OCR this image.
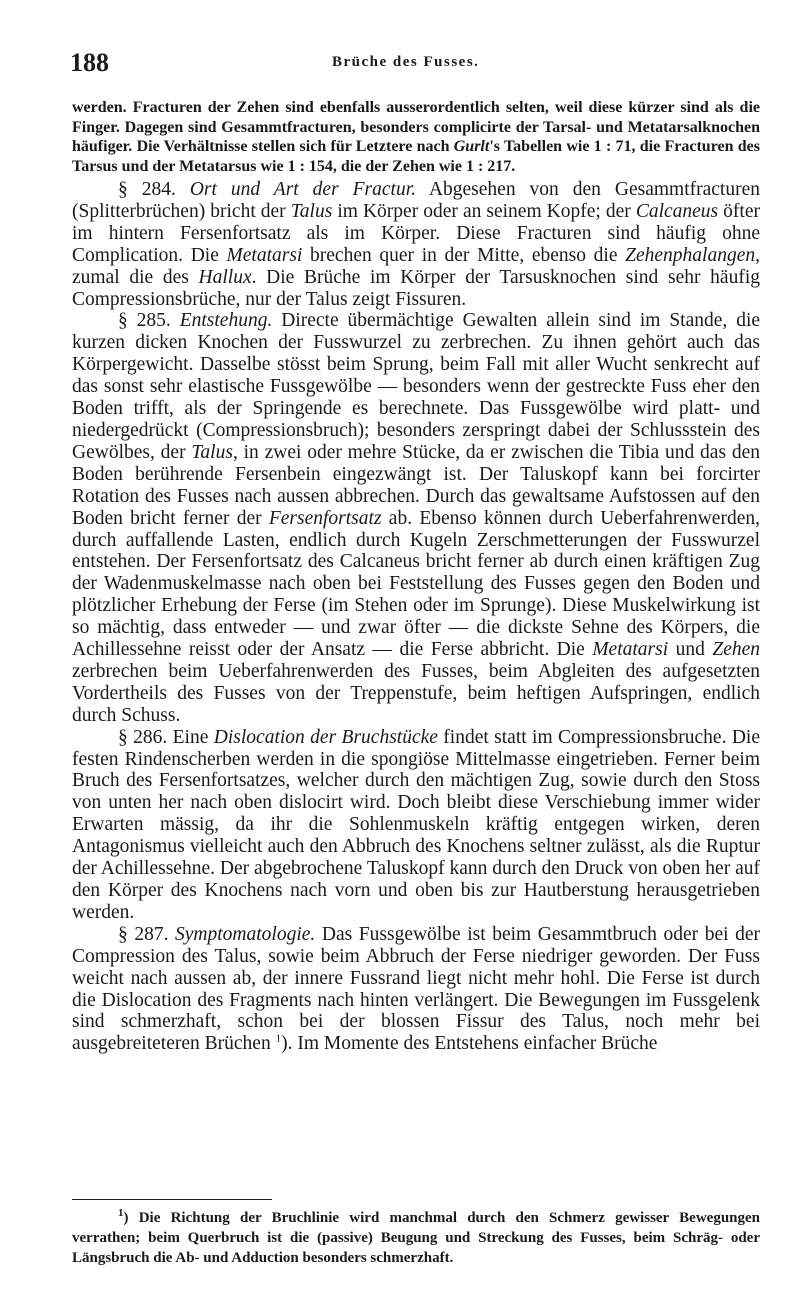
188	Brüche des Fusses.

werden. Fracturen der Zehen sind ebenfalls ausserordentlich selten, weil diese kürzer sind als die Finger. Dagegen sind Gesammtfracturen, besonders complicirte der Tarsal- und Metatarsalknochen häufiger. Die Verhältnisse stellen sich für Letztere nach Gurlt's Tabellen wie 1 : 71, die Fracturen des Tarsus und der Metatarsus wie 1 : 154, die der Zehen wie 1 : 217.

§ 284. Ort und Art der Fractur. Abgesehen von den Gesammtfracturen (Splitterbrüchen) bricht der Talus im Körper oder an seinem Kopfe; der Calcaneus öfter im hintern Fersenfortsatz als im Körper. Diese Fracturen sind häufig ohne Complication. Die Metatarsi brechen quer in der Mitte, ebenso die Zehenphalangen, zumal die des Hallux. Die Brüche im Körper der Tarsusknochen sind sehr häufig Compressionsbrüche, nur der Talus zeigt Fissuren.

§ 285. Entstehung. Directe übermächtige Gewalten allein sind im Stande, die kurzen dicken Knochen der Fusswurzel zu zerbrechen. Zu ihnen gehört auch das Körpergewicht. Dasselbe stösst beim Sprung, beim Fall mit aller Wucht senkrecht auf das sonst sehr elastische Fussgewölbe — besonders wenn der gestreckte Fuss eher den Boden trifft, als der Springende es berechnete. Das Fussgewölbe wird platt- und niedergedrückt (Compressionsbruch); besonders zerspringt dabei der Schlussstein des Gewölbes, der Talus, in zwei oder mehre Stücke, da er zwischen die Tibia und das den Boden berührende Fersenbein eingezwängt ist. Der Taluskopf kann bei forcirter Rotation des Fusses nach aussen abbrechen. Durch das gewaltsame Aufstossen auf den Boden bricht ferner der Fersenfortsatz ab. Ebenso können durch Ueberfahrenwerden, durch auffallende Lasten, endlich durch Kugeln Zerschmetterungen der Fusswurzel entstehen. Der Fersenfortsatz des Calcaneus bricht ferner ab durch einen kräftigen Zug der Wadenmuskelmasse nach oben bei Feststellung des Fusses gegen den Boden und plötzlicher Erhebung der Ferse (im Stehen oder im Sprunge). Diese Muskelwirkung ist so mächtig, dass entweder — und zwar öfter — die dickste Sehne des Körpers, die Achillessehne reisst oder der Ansatz — die Ferse abbricht. Die Metatarsi und Zehen zerbrechen beim Ueberfahrenwerden des Fusses, beim Abgleiten des aufgesetzten Vordertheils des Fusses von der Treppenstufe, beim heftigen Aufspringen, endlich durch Schuss.

§ 286. Eine Dislocation der Bruchstücke findet statt im Compressionsbruche. Die festen Rindenscherben werden in die spongiöse Mittelmasse eingetrieben. Ferner beim Bruch des Fersenfortsatzes, welcher durch den mächtigen Zug, sowie durch den Stoss von unten her nach oben dislocirt wird. Doch bleibt diese Verschiebung immer wider Erwarten mässig, da ihr die Sohlenmuskeln kräftig entgegen wirken, deren Antagonismus vielleicht auch den Abbruch des Knochens seltner zulässt, als die Ruptur der Achillessehne. Der abgebrochene Taluskopf kann durch den Druck von oben her auf den Körper des Knochens nach vorn und oben bis zur Hautberstung herausgetrieben werden.

§ 287. Symptomatologie. Das Fussgewölbe ist beim Gesammtbruch oder bei der Compression des Talus, sowie beim Abbruch der Ferse niedriger geworden. Der Fuss weicht nach aussen ab, der innere Fussrand liegt nicht mehr hohl. Die Ferse ist durch die Dislocation des Fragments nach hinten verlängert. Die Bewegungen im Fussgelenk sind schmerzhaft, schon bei der blossen Fissur des Talus, noch mehr bei ausgebreiteteren Brüchen $^1$). Im Momente des Entstehens einfacher Brüche

$^1$) Die Richtung der Bruchlinie wird manchmal durch den Schmerz gewisser Bewegungen verrathen; beim Querbruch ist die (passive) Beugung und Streckung des Fusses, beim Schräg- oder Längsbruch die Ab- und Adduction besonders schmerzhaft.
